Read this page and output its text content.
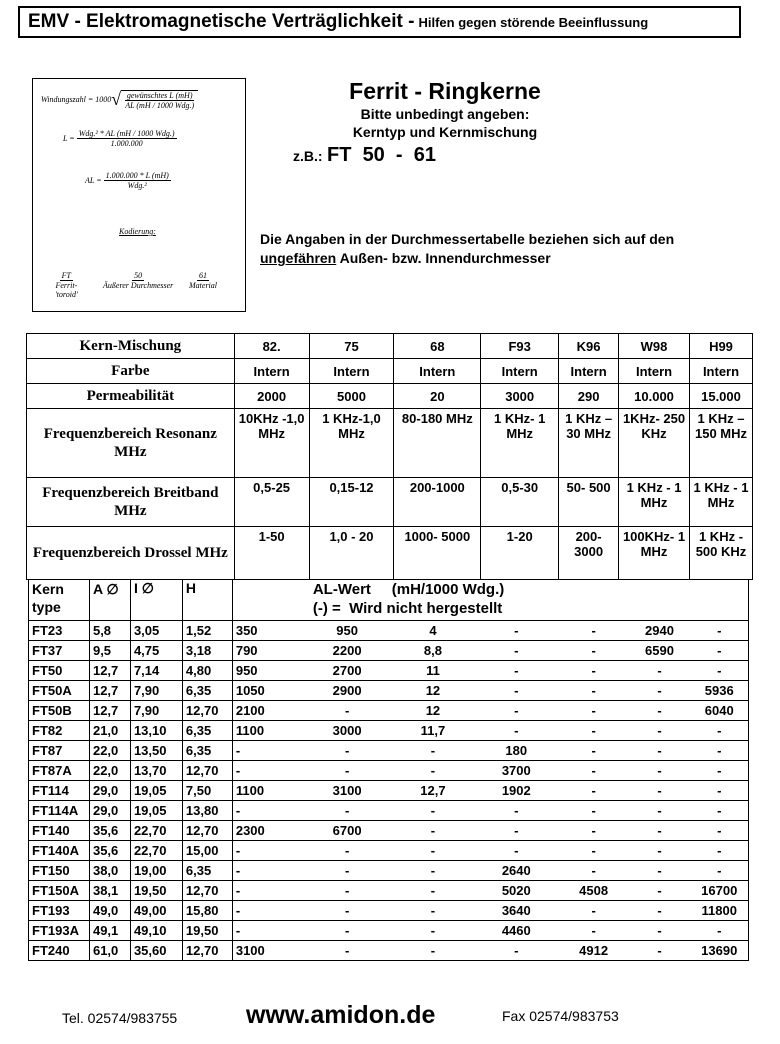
EMV - Elektromagnetische Verträglichkeit - Hilfen gegen störende Beeinflussung
Windungszahl = 1000 √ $\frac{\text{gewünschtes L (mH)}}{\text{AL (mH / 1000 Wdg.)}}$
$L = \frac{\text{Wdg.² * AL (mH / 1000 Wdg.)}}{1.000.000}$
AL = $\frac{1.000.000 * L (mH)}{\text{Wdg.²}}$
Kodierung:
FT
Ferrit-
'toroid'
50
Äußerer Durchmesser
61
Material
Ferrit - Ringkerne
Bitte unbedingt angeben:
Kerntyp und Kernmischung
z.B.: FT  50  -  61
Die Angaben in der Durchmessertabelle beziehen sich auf den
ungefähren Außen- bzw. Innendurchmesser
Kern-Mischung	82.	75	68	F93	K96	W98	H99
Farbe	Intern	Intern	Intern	Intern	Intern	Intern	Intern
Permeabilität	2000	5000	20	3000	290	10.000	15.000
Frequenzbereich Resonanz MHz	10KHz -1,0 MHz	1 KHz-1,0 MHz	80-180 MHz	1 KHz- 1 MHz	1 KHz – 30 MHz	1KHz- 250 KHz	1 KHz – 150 MHz
Frequenzbereich Breitband MHz	0,5-25	0,15-12	200-1000	0,5-30	50- 500	1 KHz - 1 MHz	1 KHz - 1 MHz
Frequenzbereich Drossel MHz	1-50	1,0 - 20	1000- 5000	1-20	200- 3000	100KHz- 1 MHz	1 KHz - 500 KHz
Kern type	A ∅	I ∅	H	AL-Wert     (mH/1000 Wdg.)
(-) =  Wird nicht hergestellt						

FT23	5,8	3,05	1,52	350	950	4	-	-	2940	-
FT37	9,5	4,75	3,18	790	2200	8,8	-	-	6590	-
FT50	12,7	7,14	4,80	950	2700	11	-	-	-	-
FT50A	12,7	7,90	6,35	1050	2900	12	-	-	-	5936
FT50B	12,7	7,90	12,70	2100	-	12	-	-	-	6040
FT82	21,0	13,10	6,35	1100	3000	11,7	-	-	-	-
FT87	22,0	13,50	6,35	-	-	-	180	-	-	-
FT87A	22,0	13,70	12,70	-	-	-	3700	-	-	-
FT114	29,0	19,05	7,50	1100	3100	12,7	1902	-	-	-
FT114A	29,0	19,05	13,80	-	-	-	-	-	-	-
FT140	35,6	22,70	12,70	2300	6700	-	-	-	-	-
FT140A	35,6	22,70	15,00	-	-	-	-	-	-	-
FT150	38,0	19,00	6,35	-	-	-	2640	-	-	-
FT150A	38,1	19,50	12,70	-	-	-	5020	4508	-	16700
FT193	49,0	49,00	15,80	-	-	-	3640	-	-	11800
FT193A	49,1	49,10	19,50	-	-	-	4460	-	-	-
FT240	61,0	35,60	12,70	3100	-	-	-	4912	-	13690
Tel. 02574/983755	www.amidon.de	Fax 02574/983753
